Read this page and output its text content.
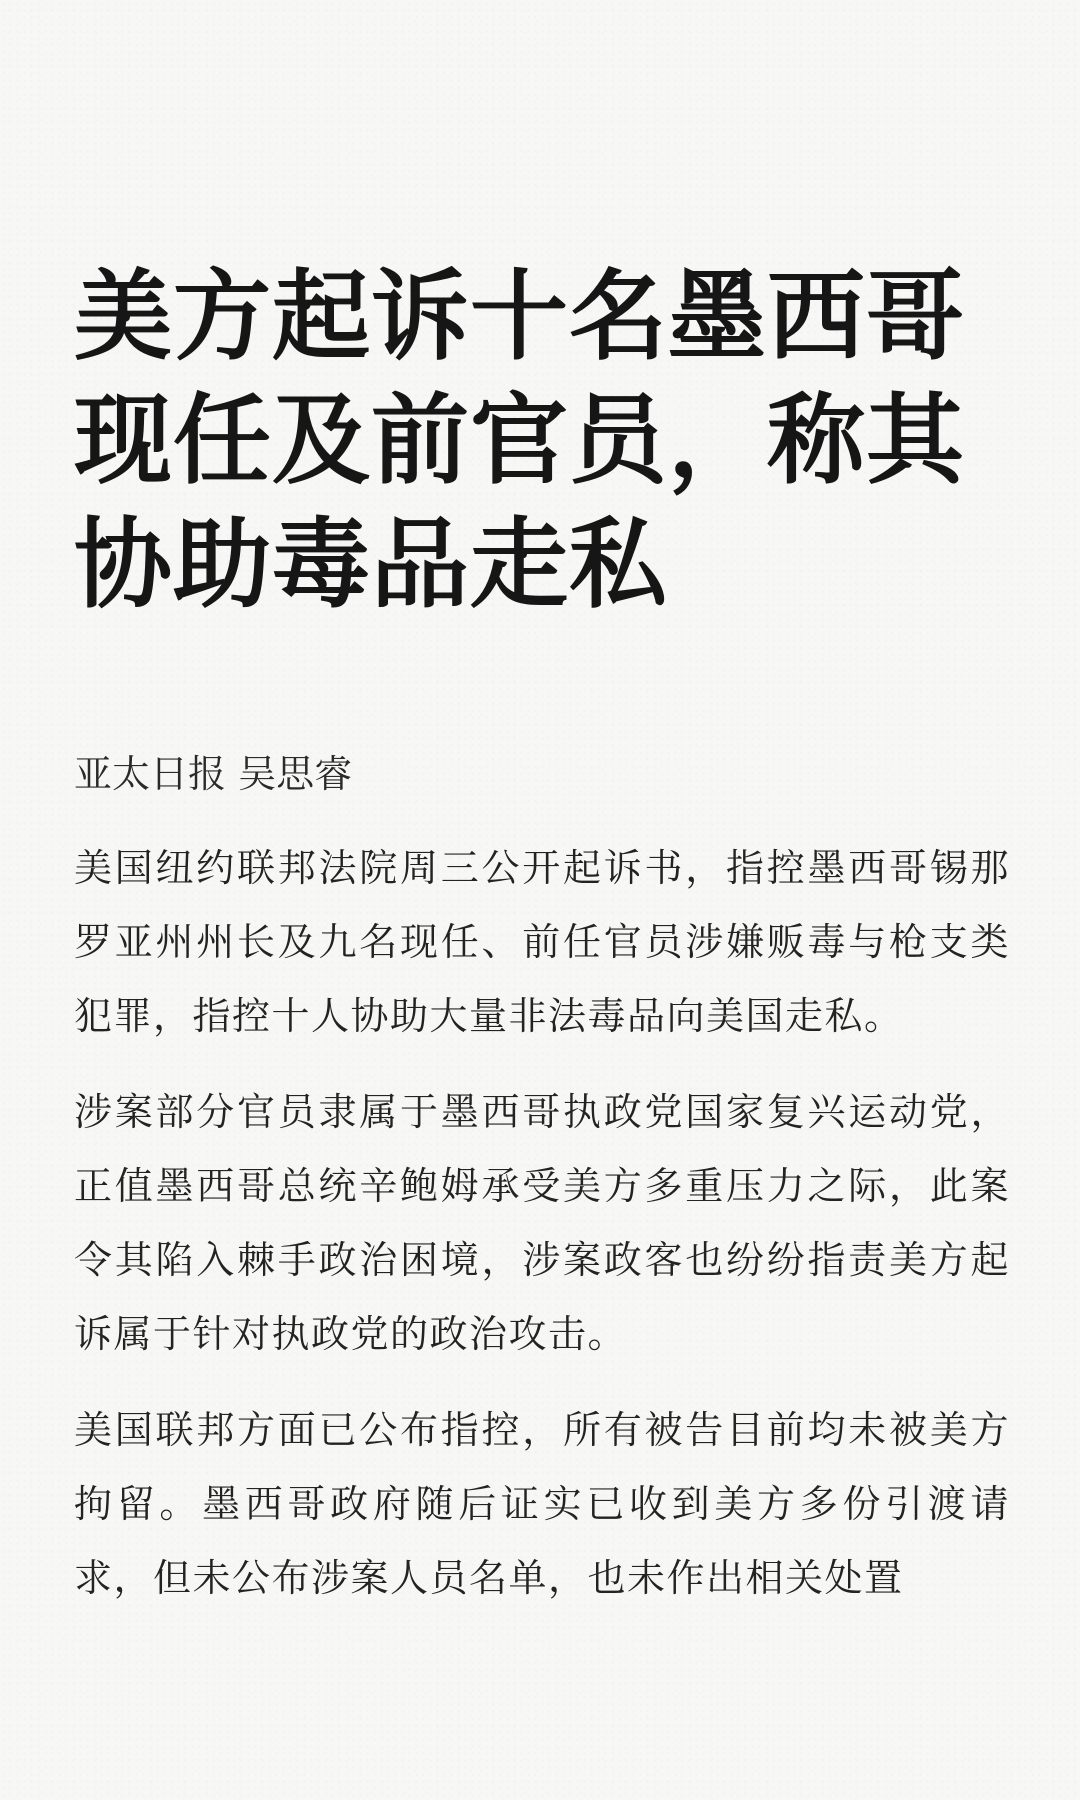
美方起诉十名墨西哥现任及前官员，称其协助毒品走私
亚太日报 吴思睿

美国纽约联邦法院周三公开起诉书，指控墨西哥锡那罗亚州州长及九名现任、前任官员涉嫌贩毒与枪支类犯罪，指控十人协助大量非法毒品向美国走私。

涉案部分官员隶属于墨西哥执政党国家复兴运动党，正值墨西哥总统辛鲍姆承受美方多重压力之际，此案令其陷入棘手政治困境，涉案政客也纷纷指责美方起诉属于针对执政党的政治攻击。

美国联邦方面已公布指控，所有被告目前均未被美方拘留。墨西哥政府随后证实已收到美方多份引渡请求，但未公布涉案人员名单，也未作出相关处置
